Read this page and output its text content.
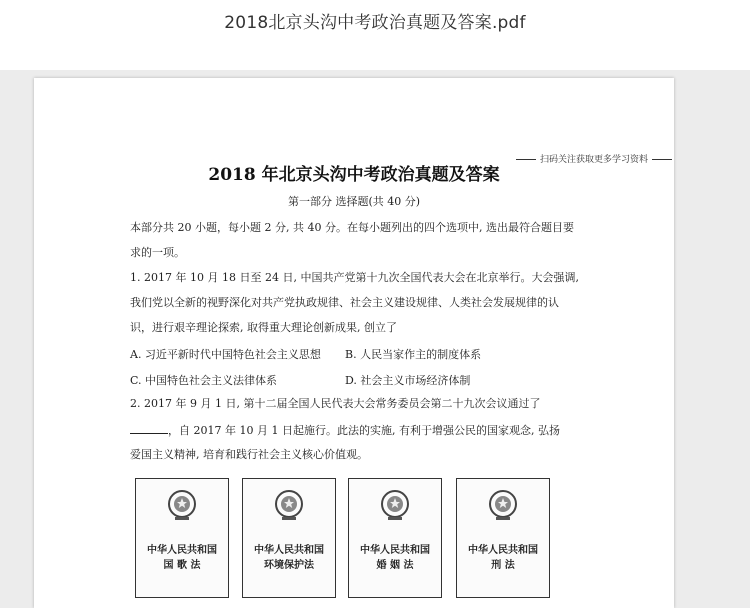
2018北京头沟中考政治真题及答案.pdf
扫码关注获取更多学习资料
2018 年北京头沟中考政治真题及答案
第一部分 选择题(共 40 分)
本部分共 20 小题，每小题 2 分, 共 40 分。在每小题列出的四个选项中, 选出最符合题目要
求的一项。
1. 2017 年 10 月 18 日至 24 日, 中国共产党第十九次全国代表大会在北京举行。大会强调,
我们党以全新的视野深化对共产党执政规律、社会主义建设规律、人类社会发展规律的认
识，进行艰辛理论探索, 取得重大理论创新成果, 创立了
A. 习近平新时代中国特色社会主义思想 B. 人民当家作主的制度体系
C. 中国特色社会主义法律体系	D. 社会主义市场经济体制
2. 2017 年 9 月 1 日, 第十二届全国人民代表大会常务委员会第二十九次会议通过了
，自 2017 年 10 月 1 日起施行。此法的实施, 有利于增强公民的国家观念, 弘扬
爱国主义精神, 培育和践行社会主义核心价值观。
中华人民共和国
国 歌 法
中华人民共和国
环境保护法
中华人民共和国
婚 姻 法
中华人民共和国
刑 法
